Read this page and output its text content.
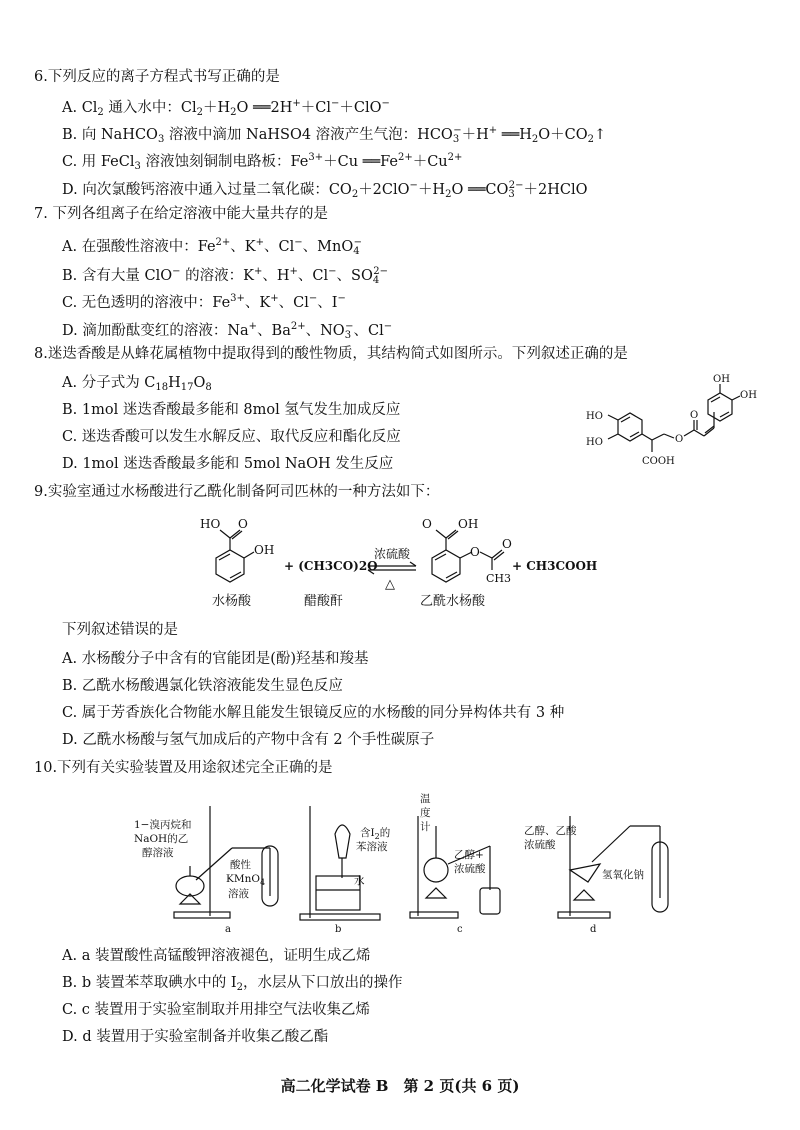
6.下列反应的离子方程式书写正确的是
A. $Cl_2$ 通入水中：$Cl_2+H_2O$ ══2H+＋Cl−＋ClO−
B. 向 NaHCO$_3$ 溶液中滴加 NaHSO4 溶液产生气泡：$HCO_3^-+H^+$ $══H_2O+CO_2↑$
C. 用 FeCl$_3$ 溶液蚀刻铜制电路板：$Fe^{3+}+Cu$ $══Fe^{2+}+Cu^{2+}$
D. 向次氯酸钙溶液中通入过量二氧化碳：$CO_2+2ClO^-+H_2O$ $══CO_3^{2-}+2HClO$
7. 下列各组离子在给定溶液中能大量共存的是
A. 在强酸性溶液中：$Fe^{2+}$、K+、Cl−、MnO$_4$−
B. 含有大量 ClO− 的溶液：K+、H+、Cl−、$SO_4^{2-}$
C. 无色透明的溶液中：$Fe^{3+}$、K+、Cl−、I−
D. 滴加酚酞变红的溶液：Na+、$Ba^{2+}$、$NO_3^-$、Cl−
8.迷迭香酸是从蜂花属植物中提取得到的酸性物质，其结构简式如图所示。下列叙述正确的是
A. 分子式为 $C_{18}H_{17}O_8$
B. 1mol 迷迭香酸最多能和 8mol 氢气发生加成反应
C. 迷迭香酸可以发生水解反应、取代反应和酯化反应
D. 1mol 迷迭香酸最多能和 5mol NaOH 发生反应
HO
HO	O
O
COOH
OH
OH
9.实验室通过水杨酸进行乙酰化制备阿司匹林的一种方法如下：
HO O
OH
+ (CH3CO)2O
浓硫酸
△
O OH
O
O
CH3
+ CH3COOH
水杨酸	醋酸酐	乙酰水杨酸
下列叙述错误的是
A. 水杨酸分子中含有的官能团是(酚)羟基和羧基
B. 乙酰水杨酸遇氯化铁溶液能发生显色反应
C. 属于芳香族化合物能水解且能发生银镜反应的水杨酸的同分异构体共有 3 种
D. 乙酰水杨酸与氢气加成后的产物中含有 2 个手性碳原子
10.下列有关实验装置及用途叙述完全正确的是
1−溴丙烷和
NaOH的乙
醇溶液
酸性
KMnO$_4$
溶液
含$I_2$的
苯溶液
水
温
度
计
乙醇+
浓硫酸
乙醇、乙酸
浓硫酸
氢氧化钠
a	b	c	d
A. a 装置酸性高锰酸钾溶液褪色，证明生成乙烯
B. b 装置苯萃取碘水中的 $I_2$，水层从下口放出的操作
C. c 装置用于实验室制取并用排空气法收集乙烯
D. d 装置用于实验室制备并收集乙酸乙酯
高二化学试卷 B　第 2 页(共 6 页)
